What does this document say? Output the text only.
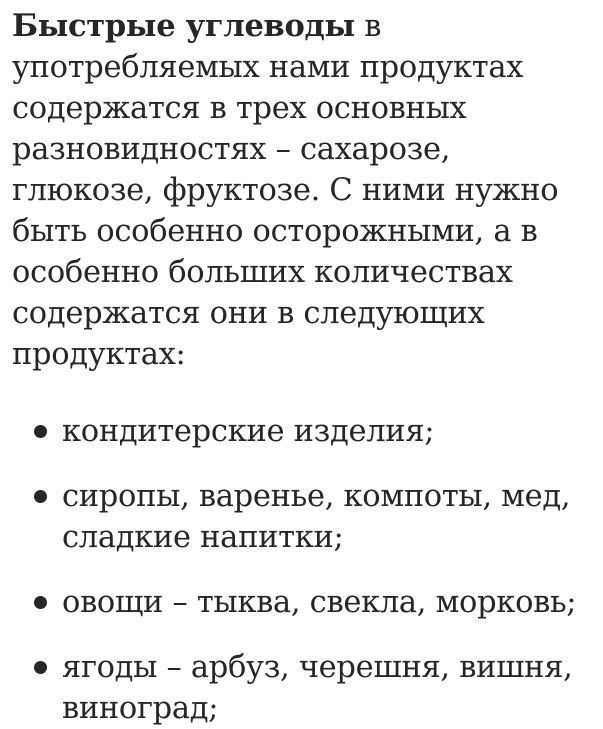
Быстрые углеводы в употребляемых нами продуктах содержатся в трех основных разновидностях – сахарозе, глюкозе, фруктозе. С ними нужно быть особенно осторожными, а в особенно больших количествах содержатся они в следующих продуктах:

кондитерские изделия;
сиропы, варенье, компоты, мед, сладкие напитки;
овощи – тыква, свекла, морковь;
ягоды – арбуз, черешня, вишня, виноград;
